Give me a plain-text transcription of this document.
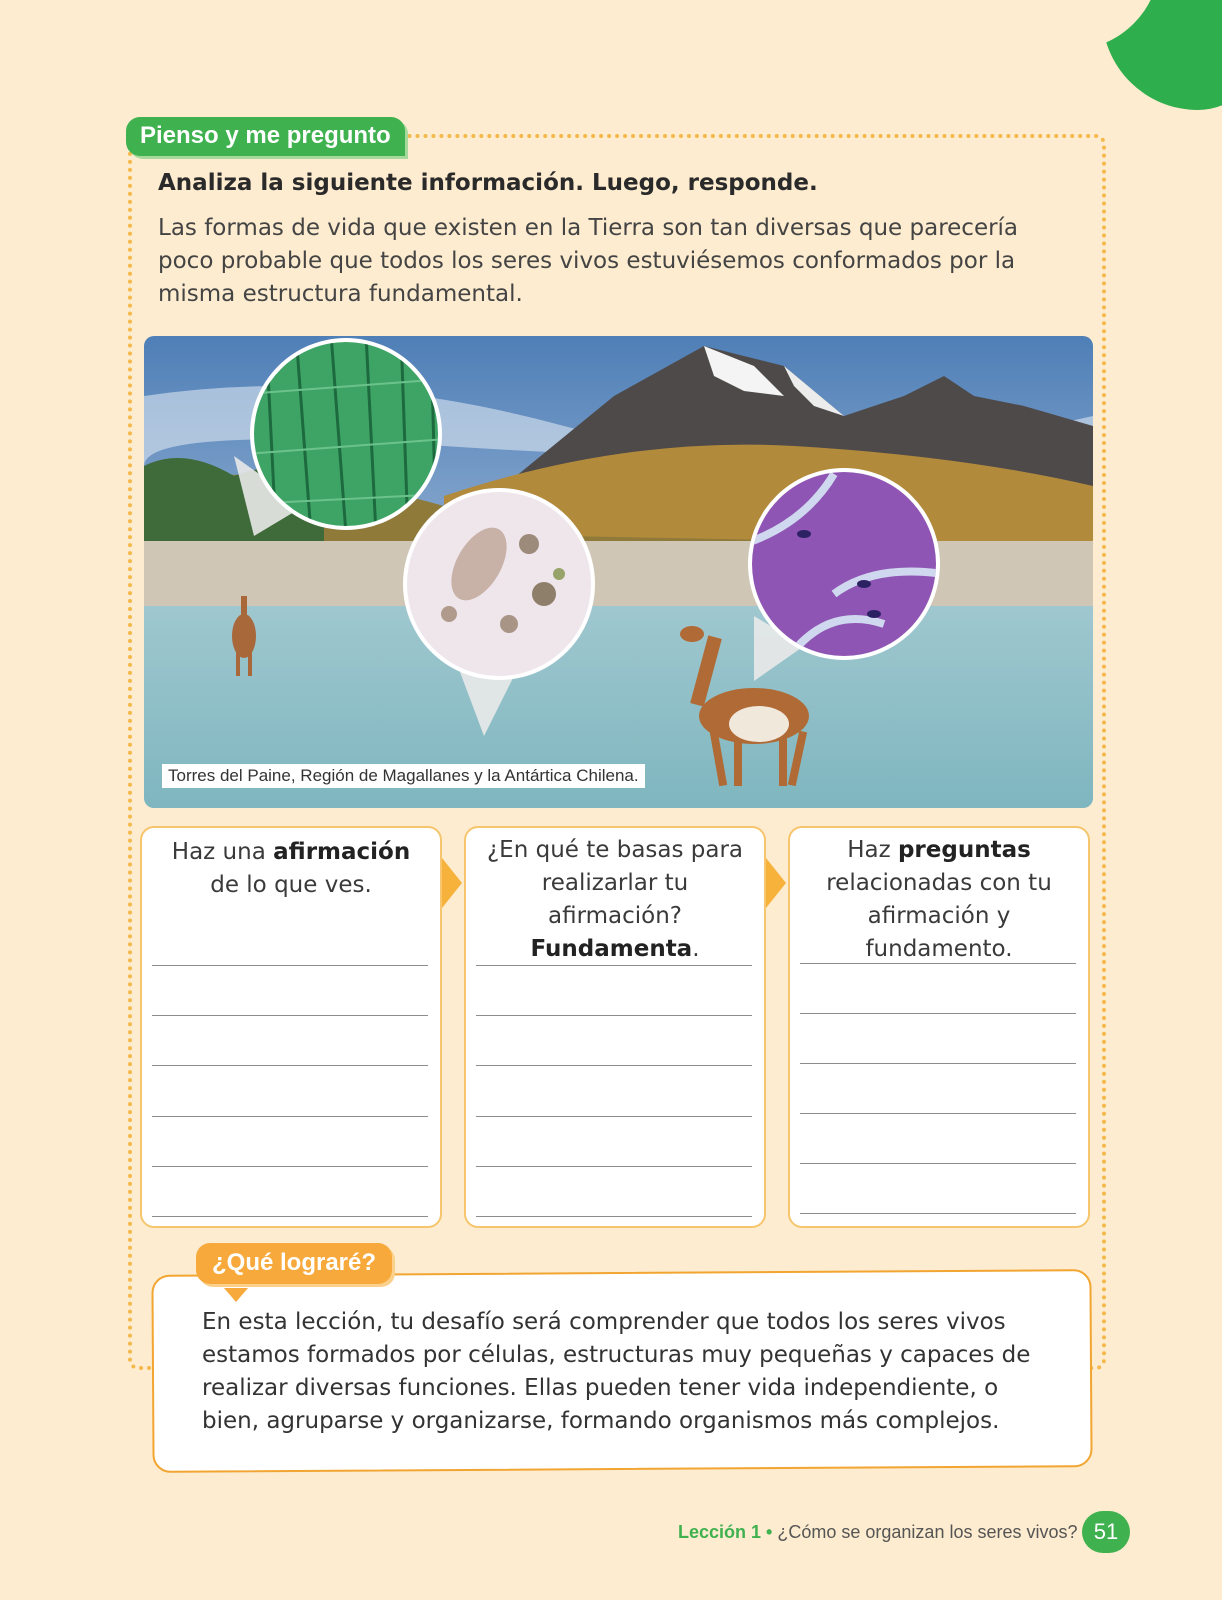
Pienso y me pregunto
Analiza la siguiente información. Luego, responde.
Las formas de vida que existen en la Tierra son tan diversas que parecería poco probable que todos los seres vivos estuviésemos conformados por la misma estructura fundamental.
Torres del Paine, Región de Magallanes y la Antártica Chilena.
Haz una afirmación
de lo que ves.
¿En qué te basas para realizarlar tu afirmación?
Fundamenta.
Haz preguntas
relacionadas con tu afirmación y fundamento.
¿Qué lograré?
En esta lección, tu desafío será comprender que todos los seres vivos estamos formados por células, estructuras muy pequeñas y capaces de realizar diversas funciones. Ellas pueden tener vida independiente, o bien, agruparse y organizarse, formando organismos más complejos.
Lección 1 • ¿Cómo se organizan los seres vivos? 51
